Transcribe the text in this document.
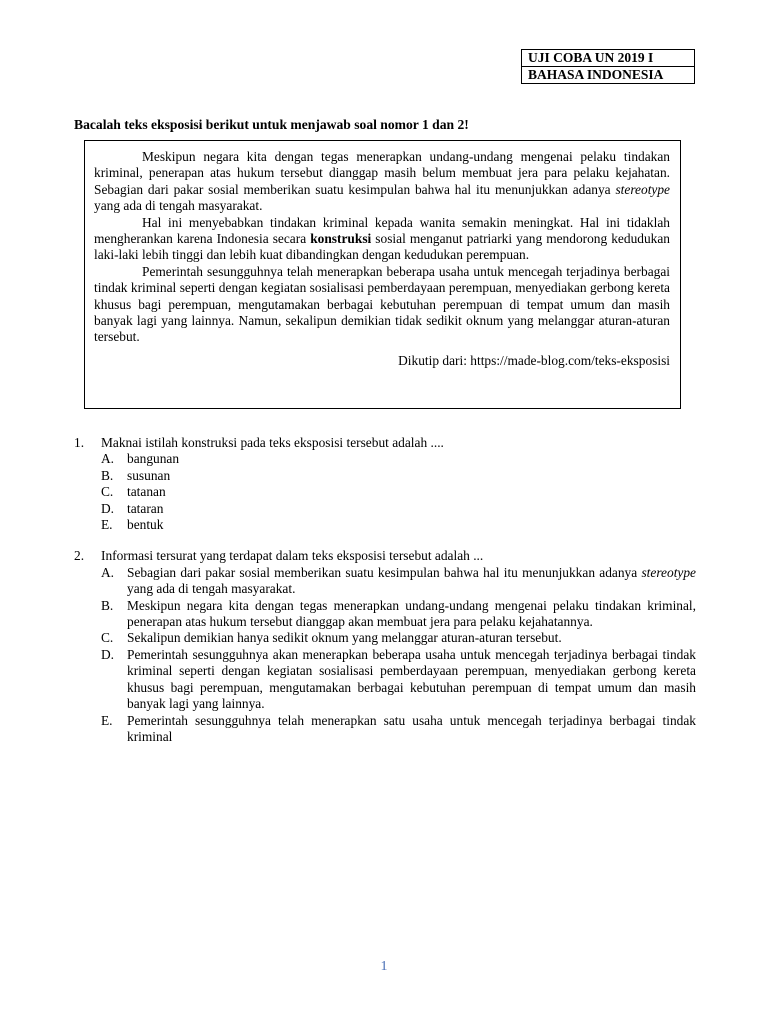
UJI COBA UN 2019 I
BAHASA INDONESIA
Bacalah teks eksposisi berikut untuk menjawab soal nomor 1 dan 2!

Meskipun negara kita dengan tegas menerapkan undang-undang mengenai pelaku tindakan kriminal, penerapan atas hukum tersebut dianggap masih belum membuat jera para pelaku kejahatan. Sebagian dari pakar sosial memberikan suatu kesimpulan bahwa hal itu menunjukkan adanya stereotype yang ada di tengah masyarakat.

Hal ini menyebabkan tindakan kriminal kepada wanita semakin meningkat. Hal ini tidaklah mengherankan karena Indonesia secara konstruksi sosial menganut patriarki yang mendorong kedudukan laki-laki lebih tinggi dan lebih kuat dibandingkan dengan kedudukan perempuan.

Pemerintah sesungguhnya telah menerapkan beberapa usaha untuk mencegah terjadinya berbagai tindak kriminal seperti dengan kegiatan sosialisasi pemberdayaan perempuan, menyediakan gerbong kereta khusus bagi perempuan, mengutamakan berbagai kebutuhan perempuan di tempat umum dan masih banyak lagi yang lainnya. Namun, sekalipun demikian tidak sedikit oknum yang melanggar aturan-aturan tersebut.

Dikutip dari: https://made-blog.com/teks-eksposisi
1.	Maknai istilah konstruksi pada teks eksposisi tersebut adalah ....
A. bangunan
B.	susunan
C.	tatanan
D. tataran
E.	bentuk
2.	Informasi tersurat yang terdapat dalam teks eksposisi tersebut adalah ...
A. Sebagian dari pakar sosial memberikan suatu kesimpulan bahwa hal itu menunjukkan adanya stereotype yang ada di tengah masyarakat.
B.	Meskipun negara kita dengan tegas menerapkan undang-undang mengenai pelaku tindakan kriminal, penerapan atas hukum tersebut dianggap akan membuat jera para pelaku kejahatannya.
C.	Sekalipun demikian hanya sedikit oknum yang melanggar aturan-aturan tersebut.
D. Pemerintah sesungguhnya akan menerapkan beberapa usaha untuk mencegah terjadinya berbagai tindak kriminal seperti dengan kegiatan sosialisasi pemberdayaan perempuan, menyediakan gerbong kereta khusus bagi perempuan, mengutamakan berbagai kebutuhan perempuan di tempat umum dan masih banyak lagi yang lainnya.
E.	Pemerintah sesungguhnya telah menerapkan satu usaha untuk mencegah terjadinya berbagai tindak kriminal
1
